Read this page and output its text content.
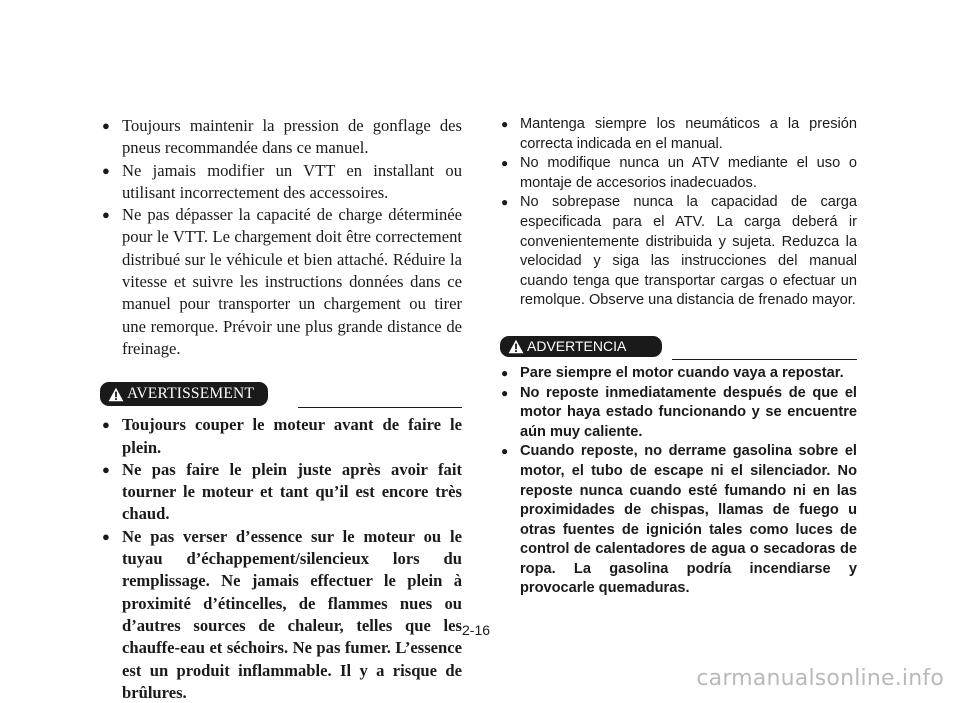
● Toujours maintenir la pression de gonflage des pneus recommandée dans ce manuel.
● Ne jamais modifier un VTT en installant ou utilisant incorrectement des accessoires.
● Ne pas dépasser la capacité de charge déterminée pour le VTT. Le chargement doit être correctement distribué sur le véhicule et bien attaché. Réduire la vitesse et suivre les instructions données dans ce manuel pour transporter un chargement ou tirer une remorque. Prévoir une plus grande distance de freinage.
AVERTISSEMENT
● Toujours couper le moteur avant de faire le plein.
● Ne pas faire le plein juste après avoir fait tourner le moteur et tant qu’il est encore très chaud.
● Ne pas verser d’essence sur le moteur ou le tuyau d’échappement/silencieux lors du remplissage. Ne jamais effectuer le plein à proximité d’étincelles, de flammes nues ou d’autres sources de chaleur, telles que les chauffe-eau et séchoirs. Ne pas fumer. L’essence est un produit inflammable. Il y a risque de brûlures.
● Mantenga siempre los neumáticos a la presión correcta indicada en el manual.
● No modifique nunca un ATV mediante el uso o montaje de accesorios inadecuados.
● No sobrepase nunca la capacidad de carga especificada para el ATV. La carga deberá ir convenientemente distribuida y sujeta. Reduzca la velocidad y siga las instrucciones del manual cuando tenga que transportar cargas o efectuar un remolque. Observe una distancia de frenado mayor.
ADVERTENCIA
● Pare siempre el motor cuando vaya a repostar.
● No reposte inmediatamente después de que el motor haya estado funcionando y se encuentre aún muy caliente.
● Cuando reposte, no derrame gasolina sobre el motor, el tubo de escape ni el silenciador. No reposte nunca cuando esté fumando ni en las proximidades de chispas, llamas de fuego u otras fuentes de ignición tales como luces de control de calentadores de agua o secadoras de ropa. La gasolina podría incendiarse y provocarle quemaduras.
2-16
carmanualsonline.info
